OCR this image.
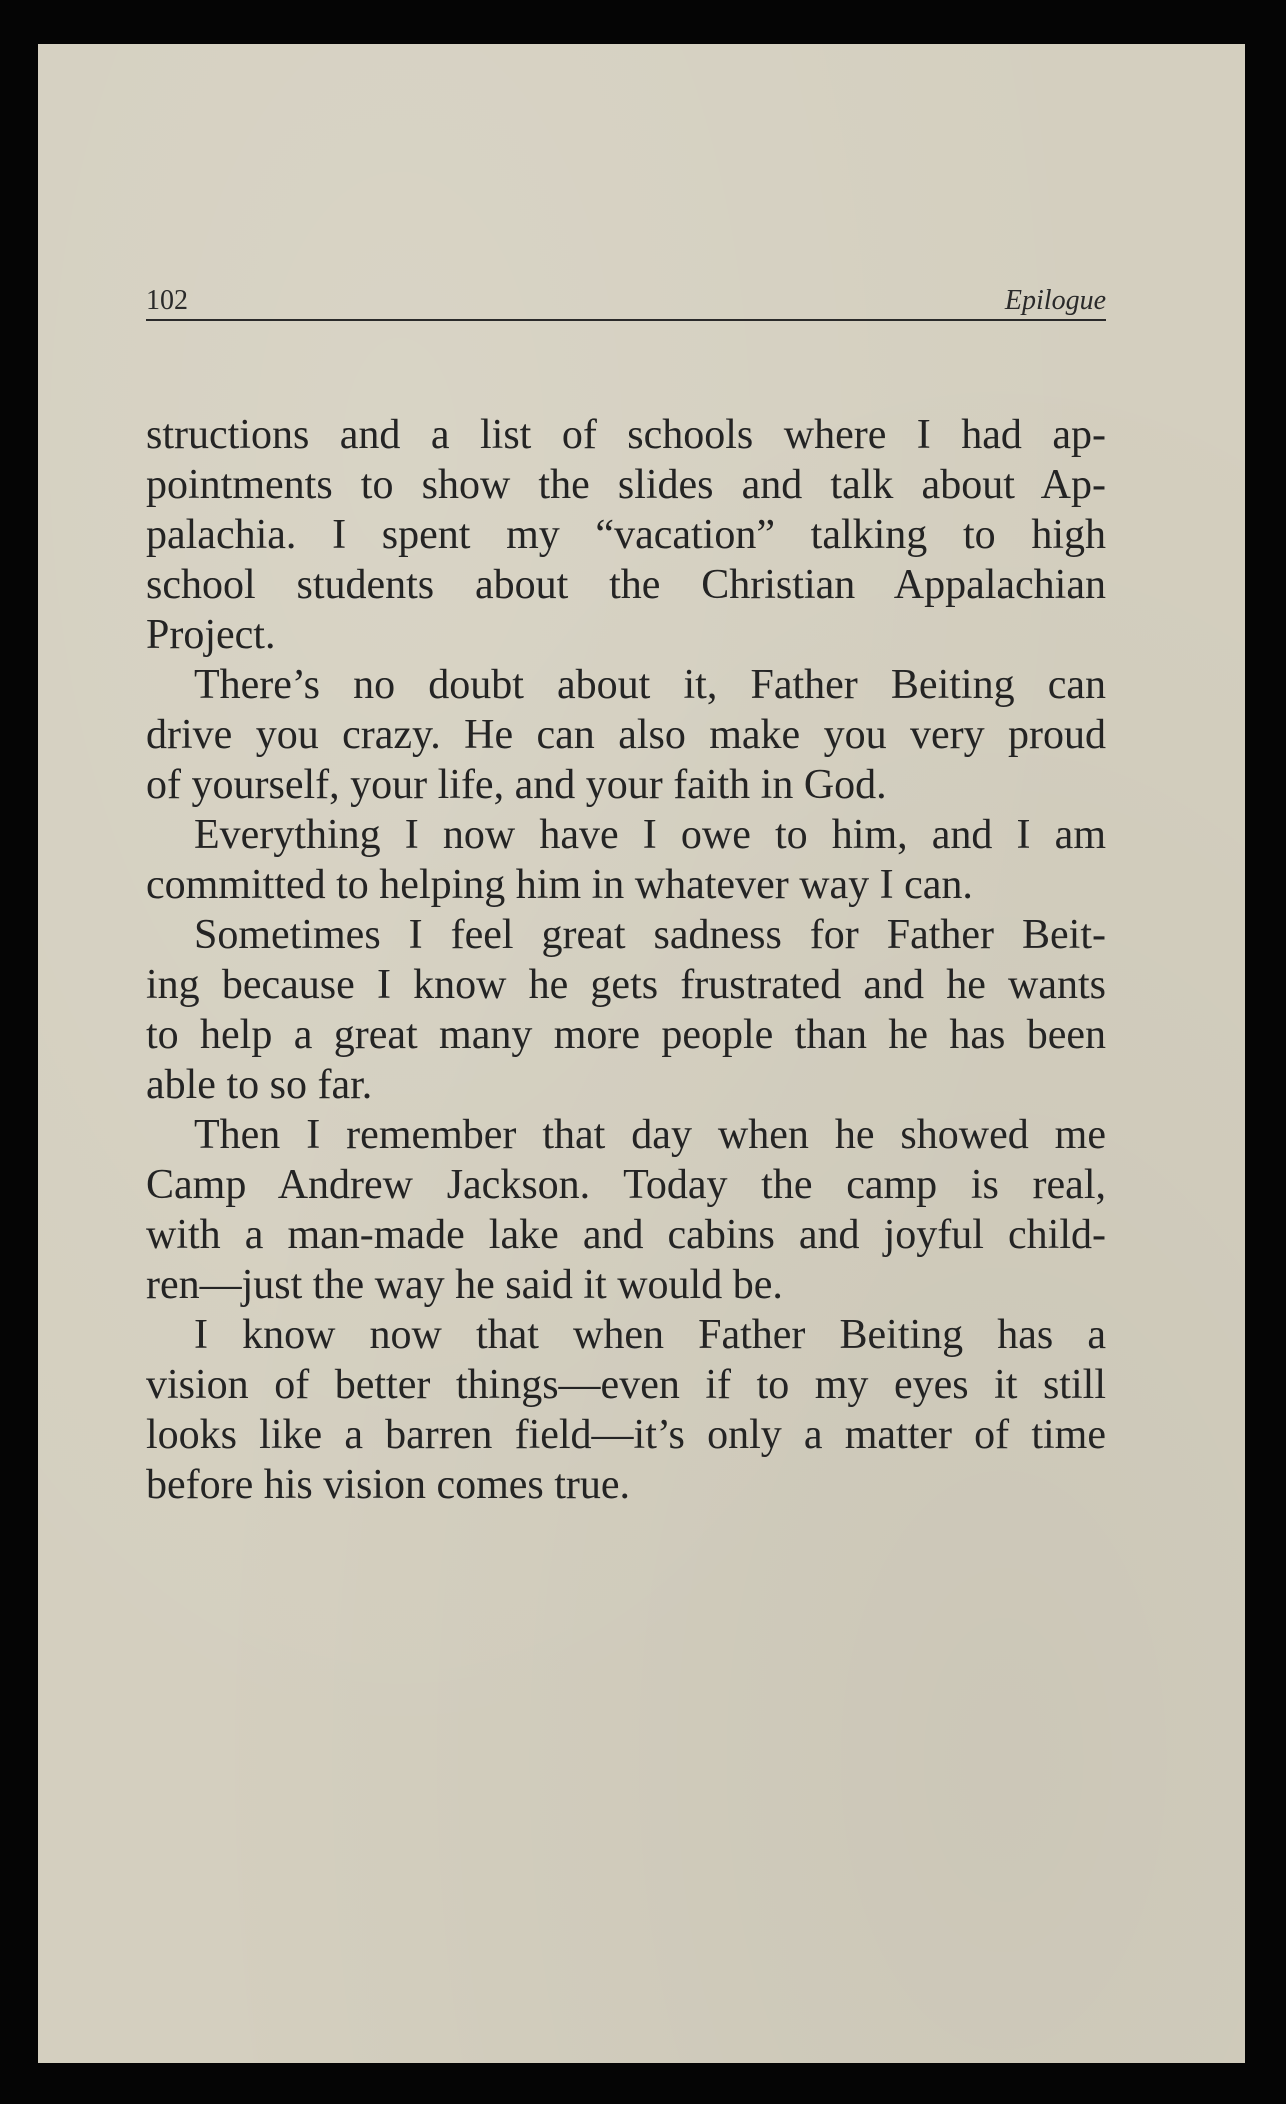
102	Epilogue
structions and a list of schools where I had ap-
pointments to show the slides and talk about Ap-
palachia. I spent my “vacation” talking to high
school students about the Christian Appalachian
Project.
There’s no doubt about it, Father Beiting can
drive you crazy. He can also make you very proud
of yourself, your life, and your faith in God.
Everything I now have I owe to him, and I am
committed to helping him in whatever way I can.
Sometimes I feel great sadness for Father Beit-
ing because I know he gets frustrated and he wants
to help a great many more people than he has been
able to so far.
Then I remember that day when he showed me
Camp Andrew Jackson. Today the camp is real,
with a man-made lake and cabins and joyful child-
ren—just the way he said it would be.
I know now that when Father Beiting has a
vision of better things—even if to my eyes it still
looks like a barren field—it’s only a matter of time
before his vision comes true.
